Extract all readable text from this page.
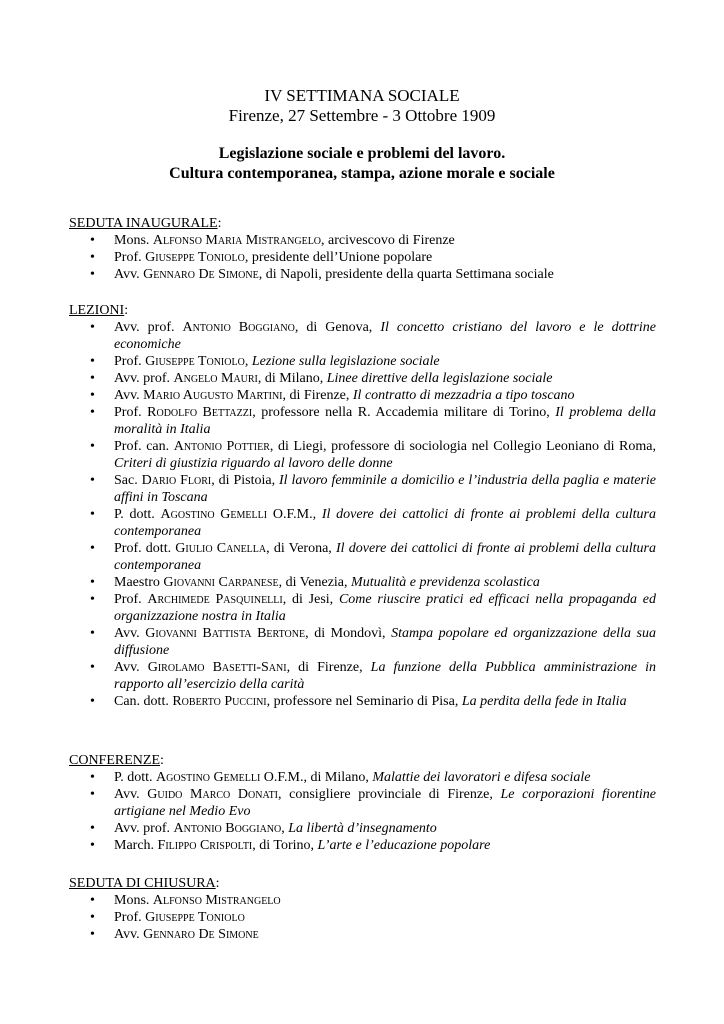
IV SETTIMANA SOCIALE
Firenze, 27 Settembre - 3 Ottobre 1909
Legislazione sociale e problemi del lavoro.
Cultura contemporanea, stampa, azione morale e sociale
SEDUTA INAUGURALE:
• Mons. Alfonso Maria Mistrangelo, arcivescovo di Firenze
• Prof. Giuseppe Toniolo, presidente dell’Unione popolare
• Avv. Gennaro De Simone, di Napoli, presidente della quarta Settimana sociale
LEZIONI:
• Avv. prof. Antonio Boggiano, di Genova, Il concetto cristiano del lavoro e le dottrine economiche
• Prof. Giuseppe Toniolo, Lezione sulla legislazione sociale
• Avv. prof. Angelo Mauri, di Milano, Linee direttive della legislazione sociale
• Avv. Mario Augusto Martini, di Firenze, Il contratto di mezzadria a tipo toscano
• Prof. Rodolfo Bettazzi, professore nella R. Accademia militare di Torino, Il problema della moralità in Italia
• Prof. can. Antonio Pottier, di Liegi, professore di sociologia nel Collegio Leoniano di Roma, Criteri di giustizia riguardo al lavoro delle donne
• Sac. Dario Flori, di Pistoia, Il lavoro femminile a domicilio e l’industria della paglia e materie affini in Toscana
• P. dott. Agostino Gemelli O.F.M., Il dovere dei cattolici di fronte ai problemi della cultura contemporanea
• Prof. dott. Giulio Canella, di Verona, Il dovere dei cattolici di fronte ai problemi della cultura contemporanea
• Maestro Giovanni Carpanese, di Venezia, Mutualità e previdenza scolastica
• Prof. Archimede Pasquinelli, di Jesi, Come riuscire pratici ed efficaci nella propaganda ed organizzazione nostra in Italia
• Avv. Giovanni Battista Bertone, di Mondovì, Stampa popolare ed organizzazione della sua diffusione
• Avv. Girolamo Basetti-Sani, di Firenze, La funzione della Pubblica amministrazione in rapporto all’esercizio della carità
• Can. dott. Roberto Puccini, professore nel Seminario di Pisa, La perdita della fede in Italia
CONFERENZE:
• P. dott. Agostino Gemelli O.F.M., di Milano, Malattie dei lavoratori e difesa sociale
• Avv. Guido Marco Donati, consigliere provinciale di Firenze, Le corporazioni fiorentine artigiane nel Medio Evo
• Avv. prof. Antonio Boggiano, La libertà d’insegnamento
• March. Filippo Crispolti, di Torino, L’arte e l’educazione popolare
SEDUTA DI CHIUSURA:
• Mons. Alfonso Mistrangelo
• Prof. Giuseppe Toniolo
• Avv. Gennaro De Simone
